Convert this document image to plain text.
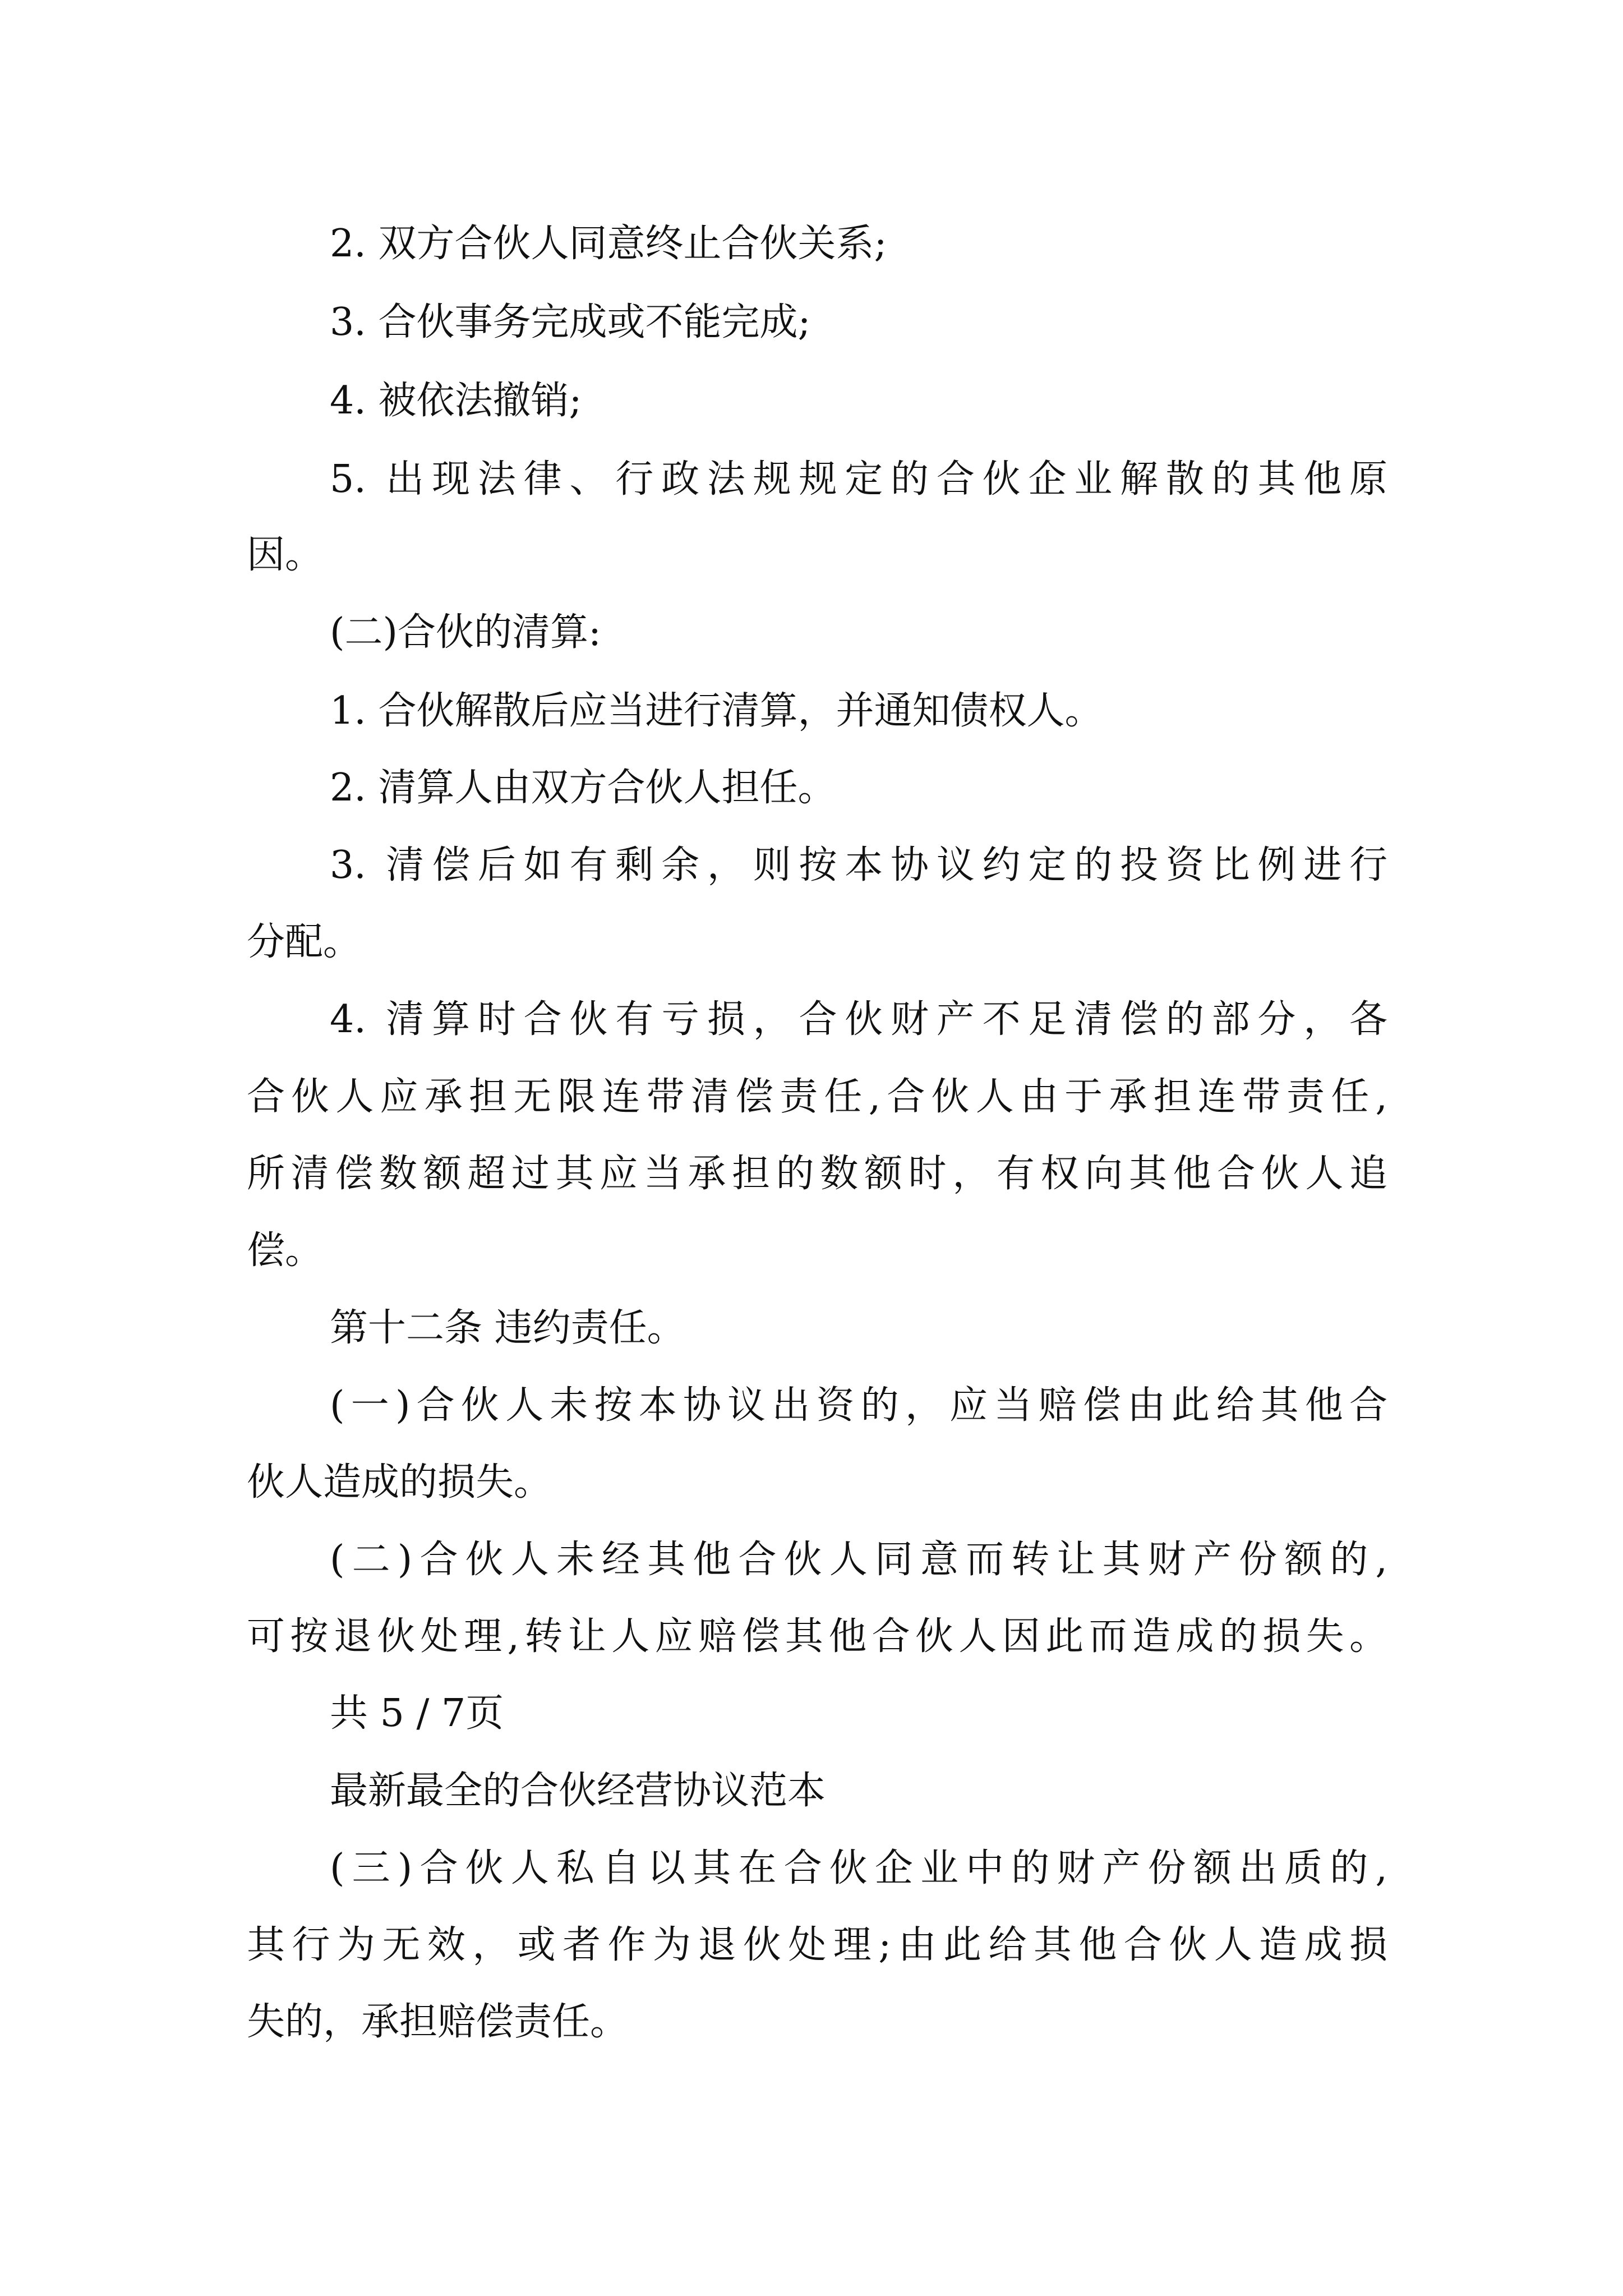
2. 双方合伙人同意终止合伙关系;

3. 合伙事务完成或不能完成;

4. 被依法撤销;

5. 出现法律、行政法规规定的合伙企业解散的其他原

因。

(二)合伙的清算:

1. 合伙解散后应当进行清算，并通知债权人。

2. 清算人由双方合伙人担任。

3. 清偿后如有剩余，则按本协议约定的投资比例进行

分配。

4. 清算时合伙有亏损，合伙财产不足清偿的部分，各

合伙人应承担无限连带清偿责任,合伙人由于承担连带责任,

所清偿数额超过其应当承担的数额时，有权向其他合伙人追

偿。

第十二条 违约责任。

(一)合伙人未按本协议出资的，应当赔偿由此给其他合

伙人造成的损失。

(二)合伙人未经其他合伙人同意而转让其财产份额的,

可按退伙处理,转让人应赔偿其他合伙人因此而造成的损失。

共 5 / 7页

最新最全的合伙经营协议范本

(三)合伙人私自以其在合伙企业中的财产份额出质的,

其行为无效，或者作为退伙处理;由此给其他合伙人造成损

失的，承担赔偿责任。
